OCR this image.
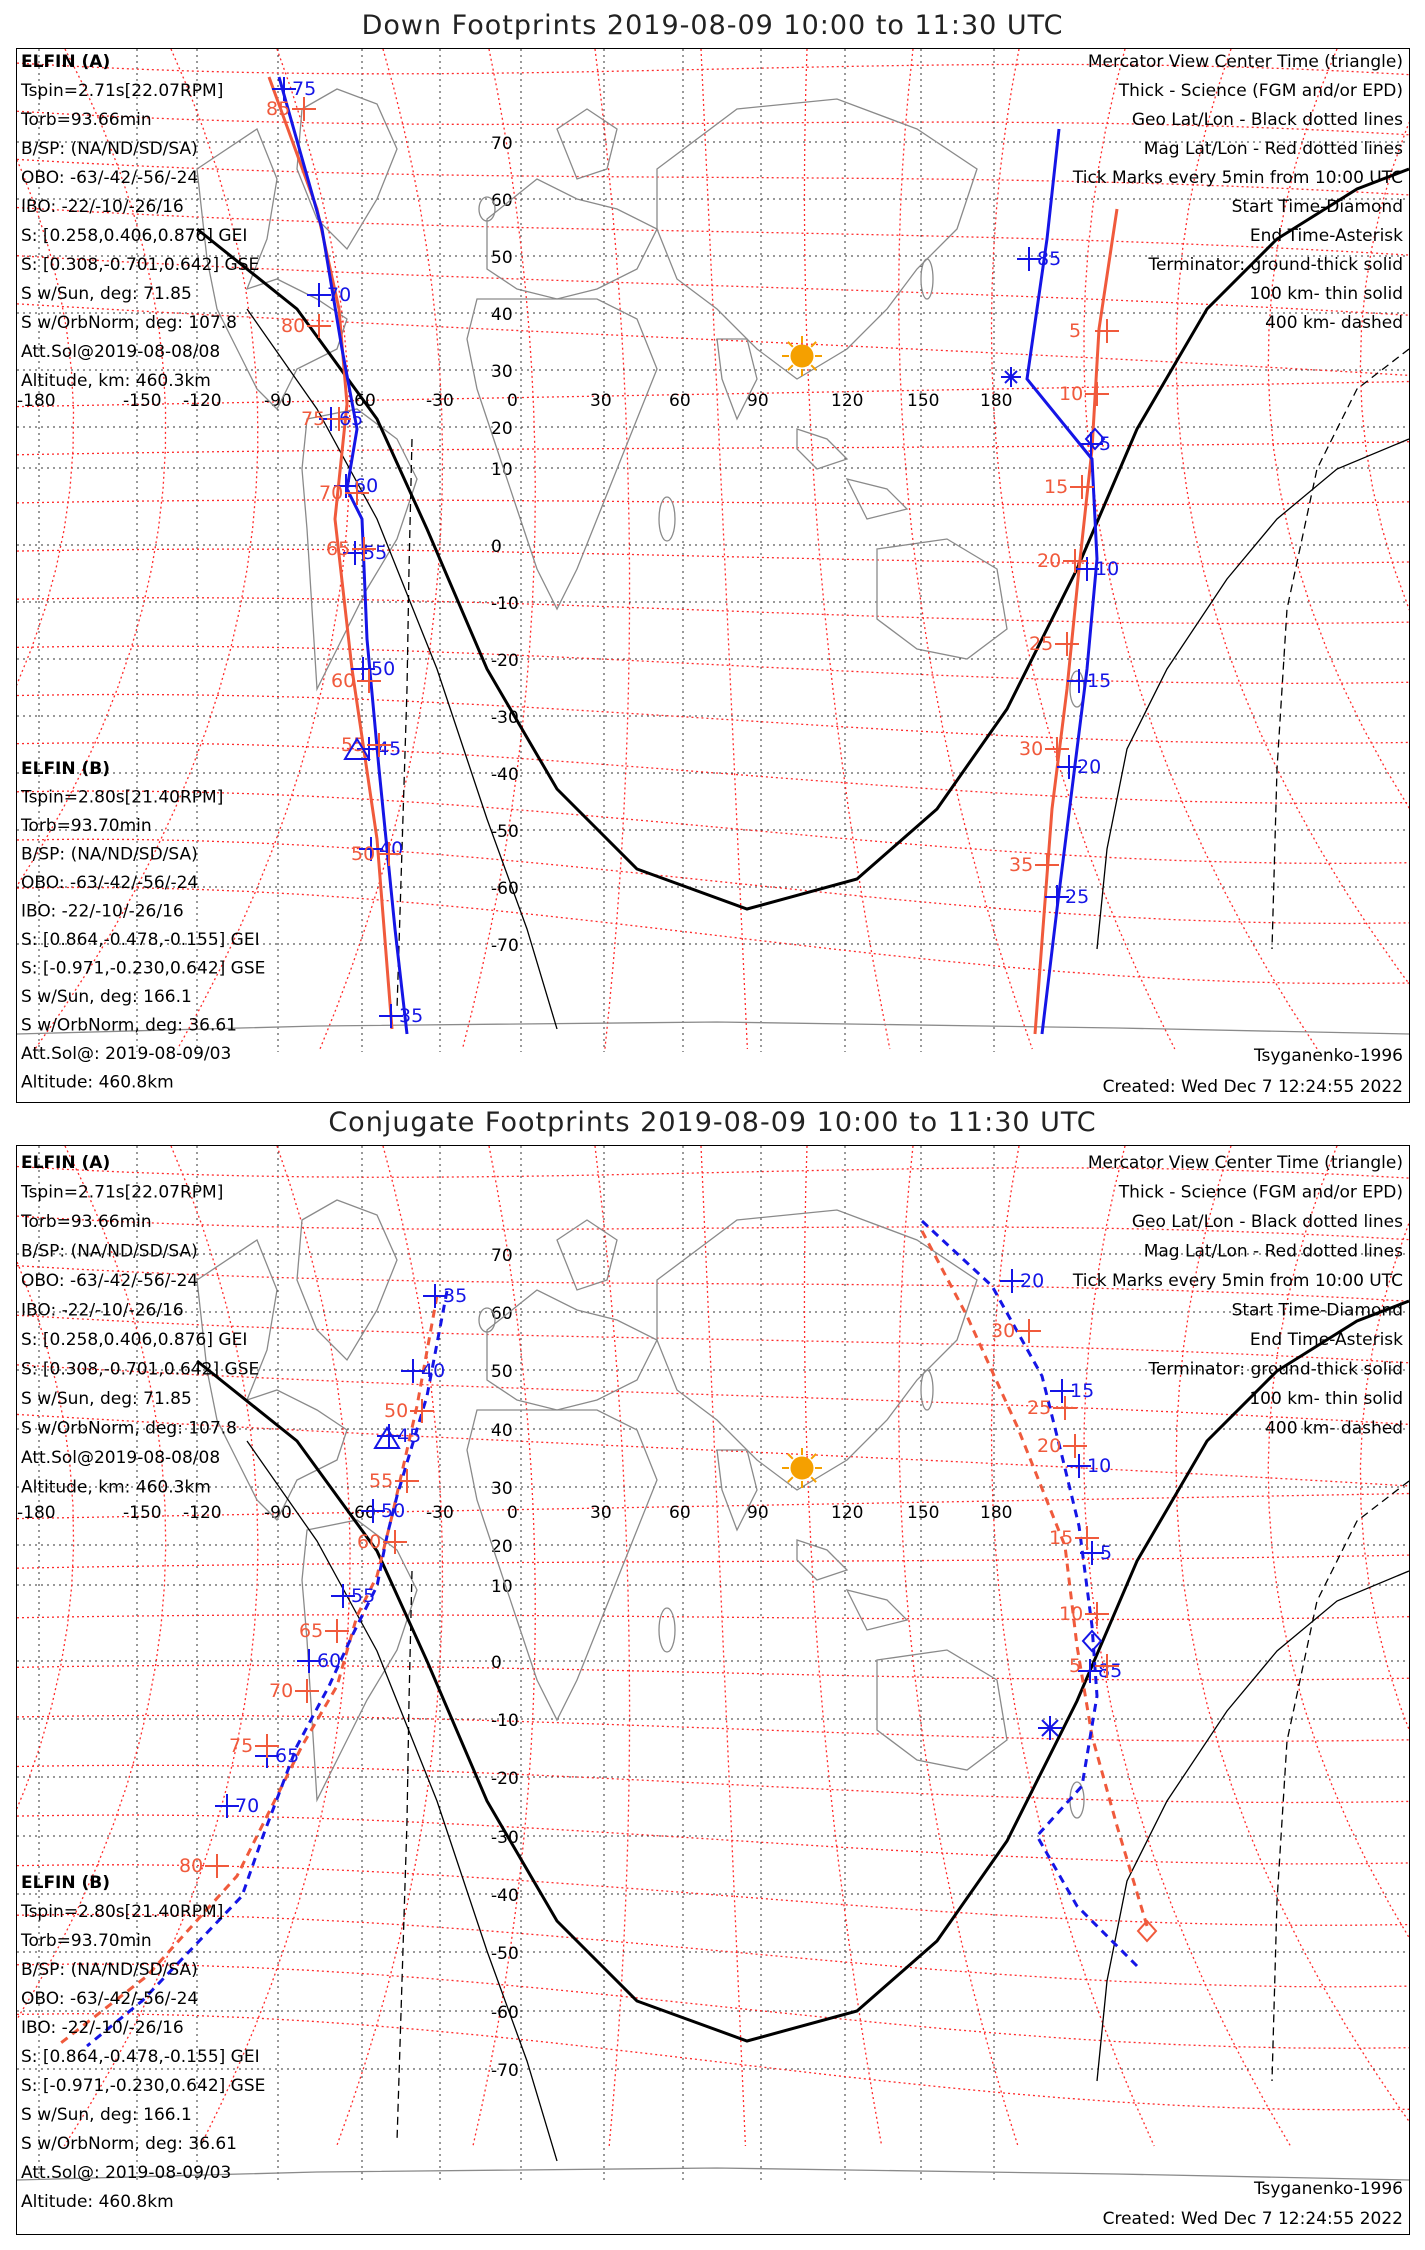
Down Footprints 2019-08-09 10:00 to 11:30 UTC
-180	-150 -120 -90	-60	-30	0	30	60	90	120	150 180
70
60
50
40
30
20
10
0
-10
-20
-30
-40
-50
-60
-70
75
70
65
60
55
50
45
40
35
85
5
10
15
20
25
85
80
75
70
65
60
55
50
5
10
15
20
25
30
35
ELFIN (A)
Tspin=2.71s[22.07RPM]
Torb=93.66min
B/SP: (NA/ND/SD/SA)
OBO: -63/-42/-56/-24
IBO: -22/-10/-26/16
S: [0.258,0.406,0.876] GEI
S: [0.308,-0.701,0.642] GSE
S w/Sun, deg: 71.85
S w/OrbNorm, deg: 107.8
Att.Sol@2019-08-08/08
Altitude, km: 460.3km
ELFIN (B)
Tspin=2.80s[21.40RPM]
Torb=93.70min
B/SP: (NA/ND/SD/SA)
OBO: -63/-42/-56/-24
IBO: -22/-10/-26/16
S: [0.864,-0.478,-0.155] GEI
S: [-0.971,-0.230,0.642] GSE
S w/Sun, deg: 166.1
S w/OrbNorm, deg: 36.61
Att.Sol@: 2019-08-09/03
Altitude: 460.8km
Mercator View Center Time (triangle)
Thick - Science (FGM and/or EPD)
Geo Lat/Lon - Black dotted lines
Mag Lat/Lon - Red dotted lines
Tick Marks every 5min from 10:00 UTC
Start Time-Diamond
End Time-Asterisk
Terminator: ground-thick solid
100 km- thin solid
400 km- dashed
Tsyganenko-1996
Created: Wed Dec 7 12:24:55 2022
Conjugate Footprints 2019-08-09 10:00 to 11:30 UTC
-180	-150 -120 -90	-60	-30	0	30	60	90	120	150 180
70
60
50
40
30
20
10
0
-10
-20
-30
-40
-50
-60
-70
35
40
45
50
55
60
65
70
20
15
10
5
85
50
55
60
65
70
75
80
30
25
20
15
10
5
ELFIN (A)
Tspin=2.71s[22.07RPM]
Torb=93.66min
B/SP: (NA/ND/SD/SA)
OBO: -63/-42/-56/-24
IBO: -22/-10/-26/16
S: [0.258,0.406,0.876] GEI
S: [0.308,-0.701,0.642] GSE
S w/Sun, deg: 71.85
S w/OrbNorm, deg: 107.8
Att.Sol@2019-08-08/08
Altitude, km: 460.3km
ELFIN (B)
Tspin=2.80s[21.40RPM]
Torb=93.70min
B/SP: (NA/ND/SD/SA)
OBO: -63/-42/-56/-24
IBO: -22/-10/-26/16
S: [0.864,-0.478,-0.155] GEI
S: [-0.971,-0.230,0.642] GSE
S w/Sun, deg: 166.1
S w/OrbNorm, deg: 36.61
Att.Sol@: 2019-08-09/03
Altitude: 460.8km
Mercator View Center Time (triangle)
Thick - Science (FGM and/or EPD)
Geo Lat/Lon - Black dotted lines
Mag Lat/Lon - Red dotted lines
Tick Marks every 5min from 10:00 UTC
Start Time-Diamond
End Time-Asterisk
Terminator: ground-thick solid
100 km- thin solid
400 km- dashed
Tsyganenko-1996
Created: Wed Dec 7 12:24:55 2022
